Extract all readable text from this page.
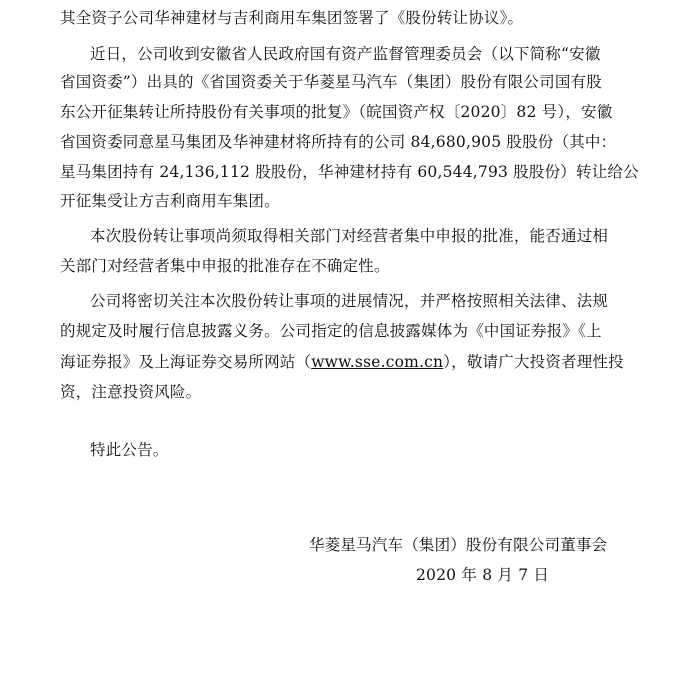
其全资子公司华神建材与吉利商用车集团签署了《股份转让协议》。
近日，公司收到安徽省人民政府国有资产监督管理委员会（以下简称“安徽
省国资委”）出具的《省国资委关于华菱星马汽车（集团）股份有限公司国有股
东公开征集转让所持股份有关事项的批复》（皖国资产权〔2020〕82 号），安徽
省国资委同意星马集团及华神建材将所持有的公司 84,680,905 股股份（其中：
星马集团持有 24,136,112 股股份，华神建材持有 60,544,793 股股份）转让给公
开征集受让方吉利商用车集团。
本次股份转让事项尚须取得相关部门对经营者集中申报的批准，能否通过相
关部门对经营者集中申报的批准存在不确定性。
公司将密切关注本次股份转让事项的进展情况，并严格按照相关法律、法规
的规定及时履行信息披露义务。公司指定的信息披露媒体为《中国证券报》《上
海证券报》及上海证券交易所网站（www.sse.com.cn），敬请广大投资者理性投
资，注意投资风险。
特此公告。
华菱星马汽车（集团）股份有限公司董事会
2020 年 8 月 7 日
